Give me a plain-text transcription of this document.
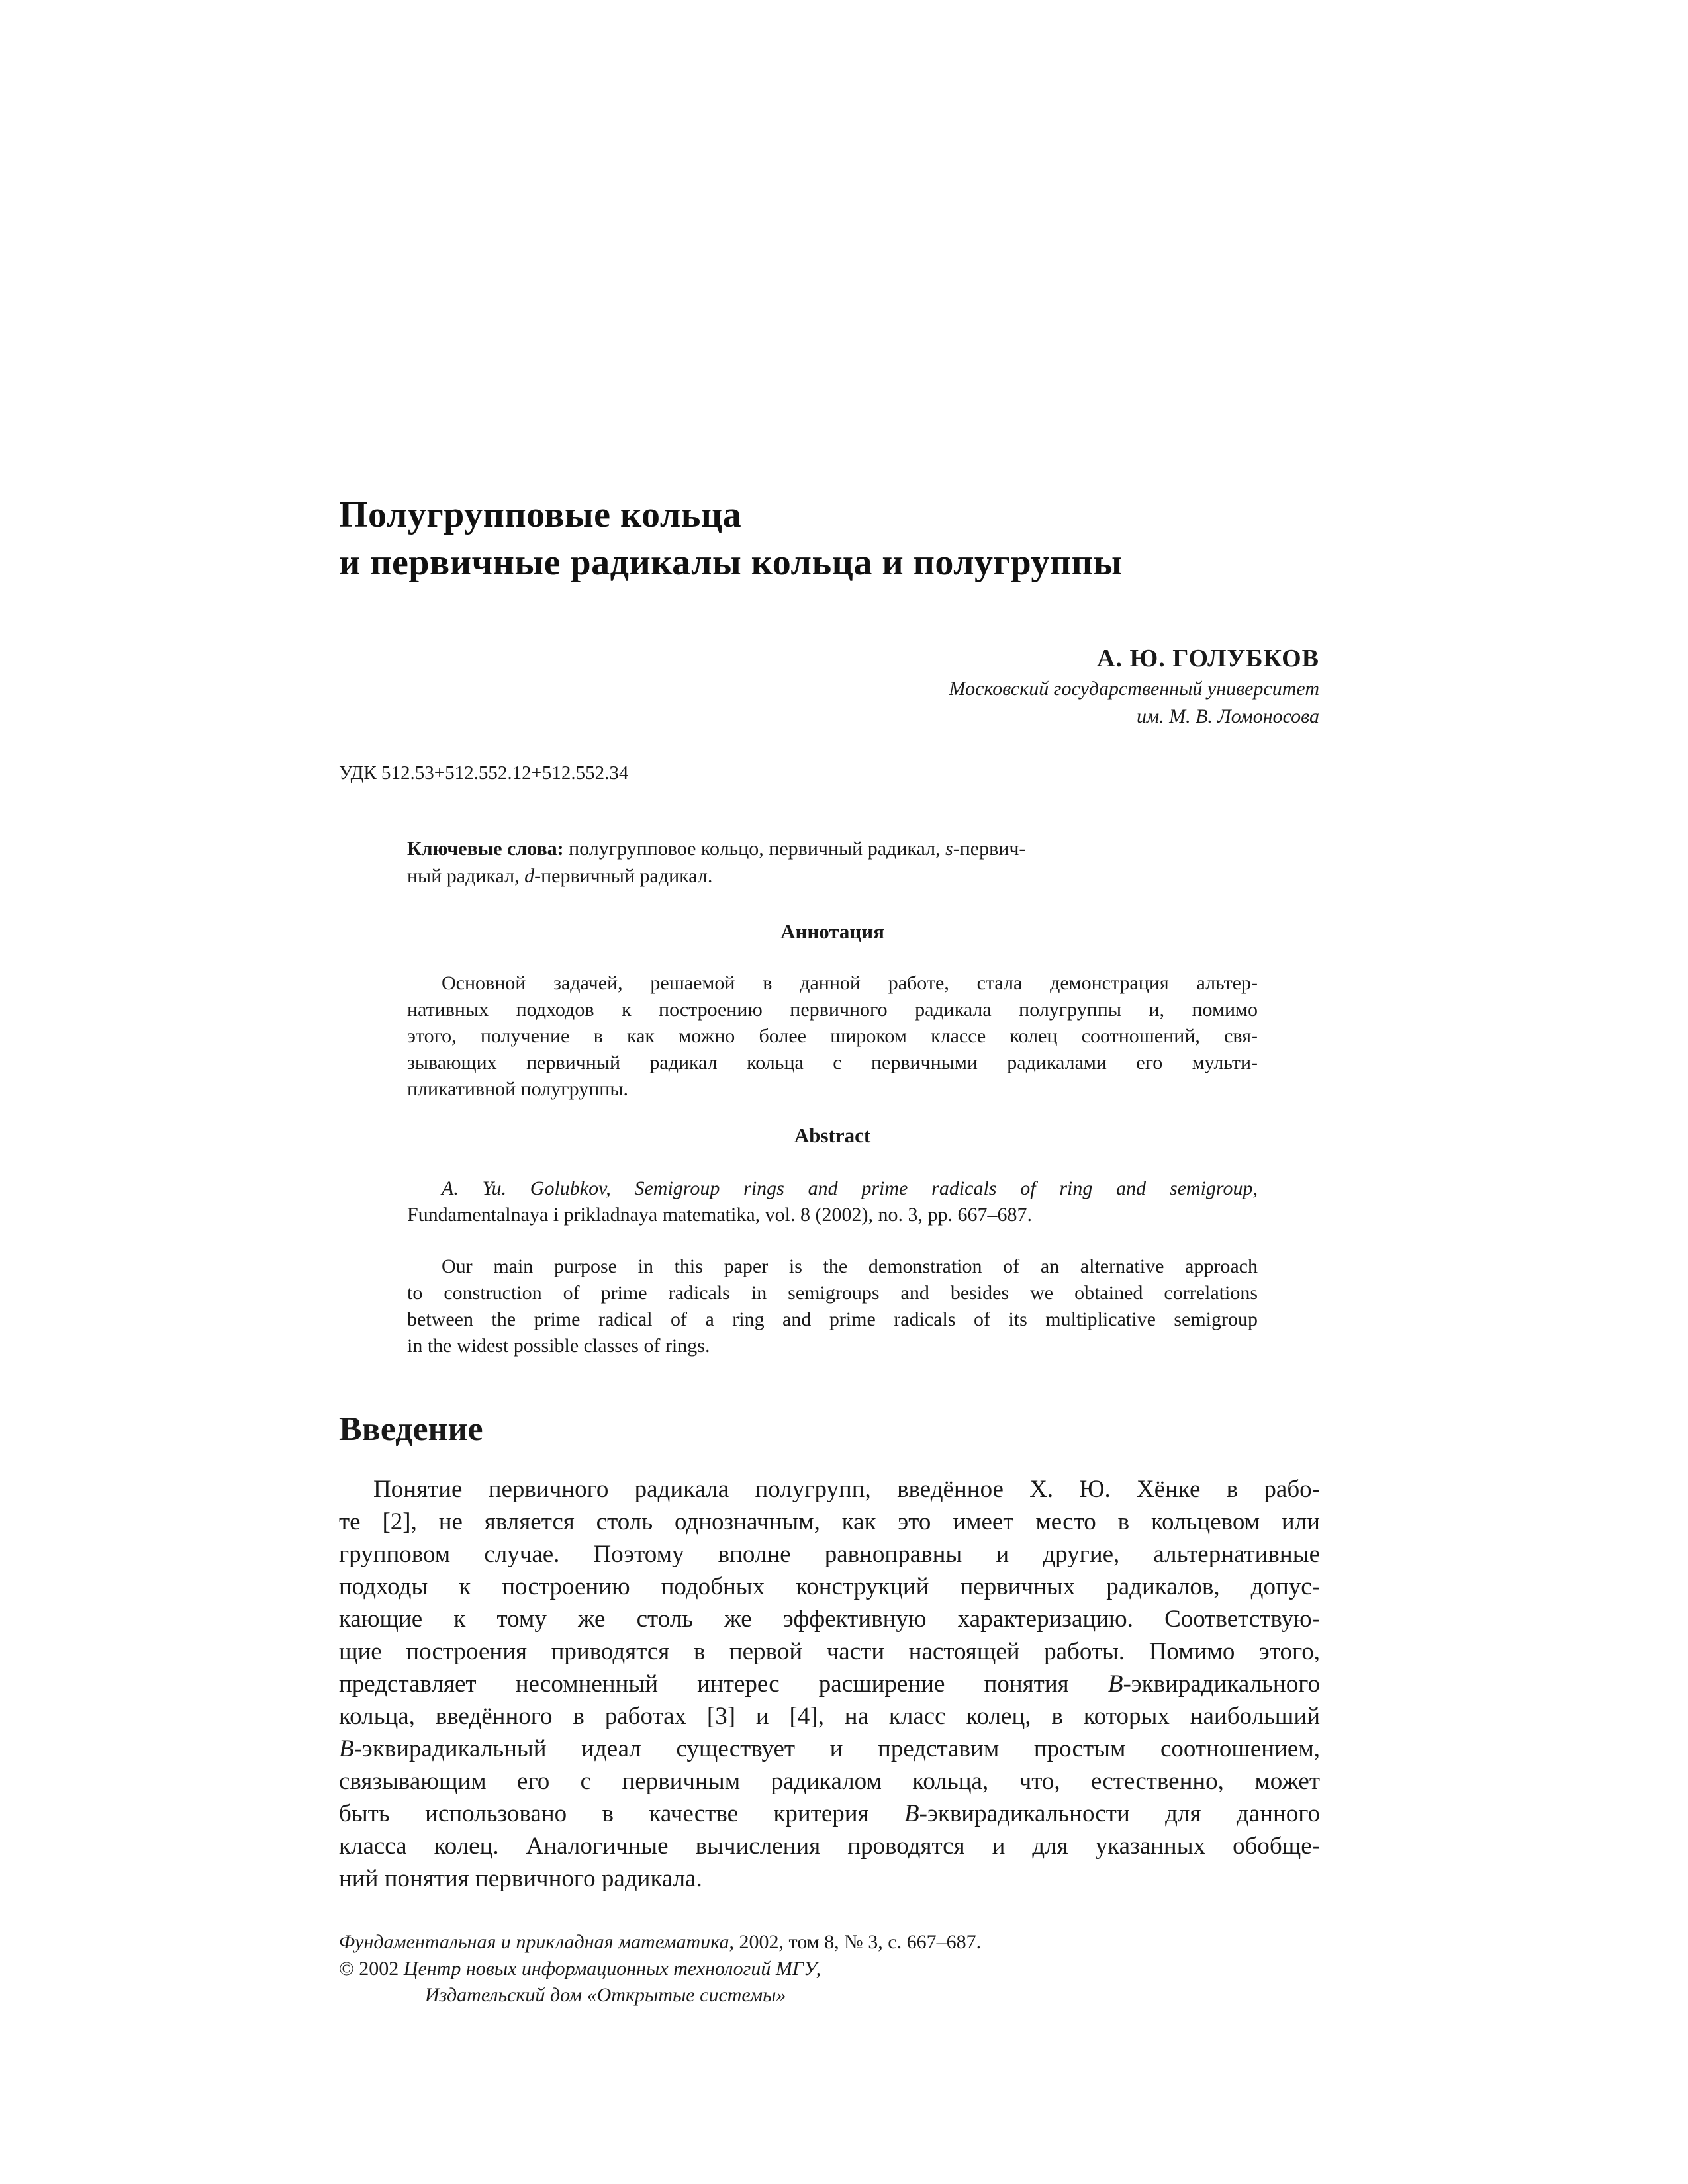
Полугрупповые кольца
и первичные радикалы кольца и полугруппы
А. Ю. ГОЛУБКОВ
Московский государственный университет
им. М. В. Ломоносова
УДК 512.53+512.552.12+512.552.34
Ключевые слова: полугрупповое кольцо, первичный радикал, s-первич-
ный радикал, d-первичный радикал.
Аннотация
Основной задачей, решаемой в данной работе, стала демонстрация альтер-
нативных подходов к построению первичного радикала полугруппы и, помимо
этого, получение в как можно более широком классе колец соотношений, свя-
зывающих первичный радикал кольца с первичными радикалами его мульти-
пликативной полугруппы.
Abstract
A. Yu. Golubkov, Semigroup rings and prime radicals of ring and semigroup,
Fundamentalnaya i prikladnaya matematika, vol. 8 (2002), no. 3, pp. 667–687.
Our main purpose in this paper is the demonstration of an alternative approach
to construction of prime radicals in semigroups and besides we obtained correlations
between the prime radical of a ring and prime radicals of its multiplicative semigroup
in the widest possible classes of rings.
Введение
Понятие первичного радикала полугрупп, введённое Х. Ю. Хёнке в рабо-
те [2], не является столь однозначным, как это имеет место в кольцевом или
групповом случае. Поэтому вполне равноправны и другие, альтернативные
подходы к построению подобных конструкций первичных радикалов, допус-
кающие к тому же столь же эффективную характеризацию. Соответствую-
щие построения приводятся в первой части настоящей работы. Помимо этого,
представляет несомненный интерес расширение понятия B-эквирадикального
кольца, введённого в работах [3] и [4], на класс колец, в которых наибольший
B-эквирадикальный идеал существует и представим простым соотношением,
связывающим его с первичным радикалом кольца, что, естественно, может
быть использовано в качестве критерия B-эквирадикальности для данного
класса колец. Аналогичные вычисления проводятся и для указанных обобще-
ний понятия первичного радикала.
Фундаментальная и прикладная математика, 2002, том 8, № 3, с. 667–687.
© 2002 Центр новых информационных технологий МГУ,
Издательский дом «Открытые системы»
